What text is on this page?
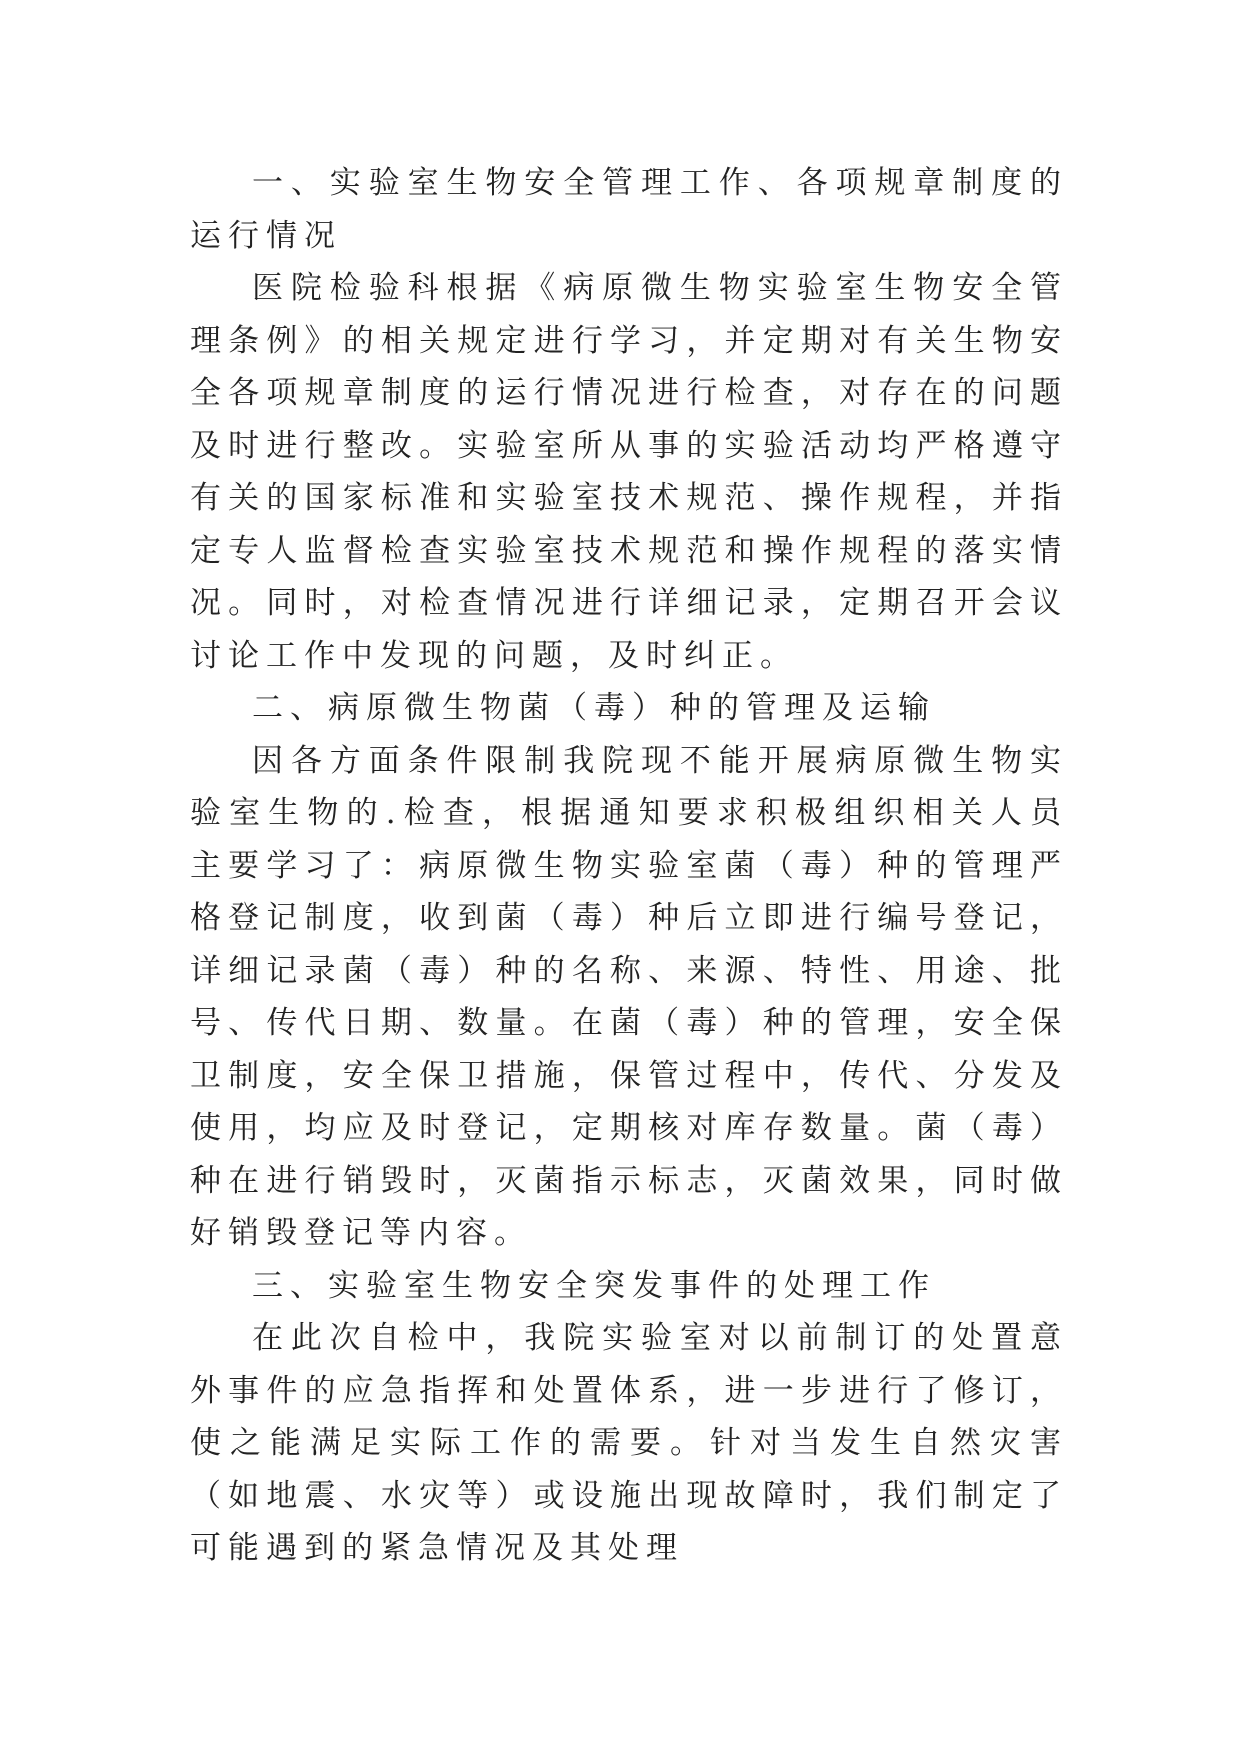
一、实验室生物安全管理工作、各项规章制度的运行情况

医院检验科根据《病原微生物实验室生物安全管理条例》的相关规定进行学习，并定期对有关生物安全各项规章制度的运行情况进行检查，对存在的问题及时进行整改。实验室所从事的实验活动均严格遵守有关的国家标准和实验室技术规范、操作规程，并指定专人监督检查实验室技术规范和操作规程的落实情况。同时，对检查情况进行详细记录，定期召开会议讨论工作中发现的问题，及时纠正。

二、病原微生物菌（毒）种的管理及运输

因各方面条件限制我院现不能开展病原微生物实验室生物的.检查，根据通知要求积极组织相关人员主要学习了：病原微生物实验室菌（毒）种的管理严格登记制度，收到菌（毒）种后立即进行编号登记，详细记录菌（毒）种的名称、来源、特性、用途、批号、传代日期、数量。在菌（毒）种的管理，安全保卫制度，安全保卫措施，保管过程中，传代、分发及使用，均应及时登记，定期核对库存数量。菌（毒）种在进行销毁时，灭菌指示标志，灭菌效果，同时做好销毁登记等内容。

三、实验室生物安全突发事件的处理工作

在此次自检中，我院实验室对以前制订的处置意外事件的应急指挥和处置体系，进一步进行了修订，使之能满足实际工作的需要。针对当发生自然灾害（如地震、水灾等）或设施出现故障时，我们制定了可能遇到的紧急情况及其处理
